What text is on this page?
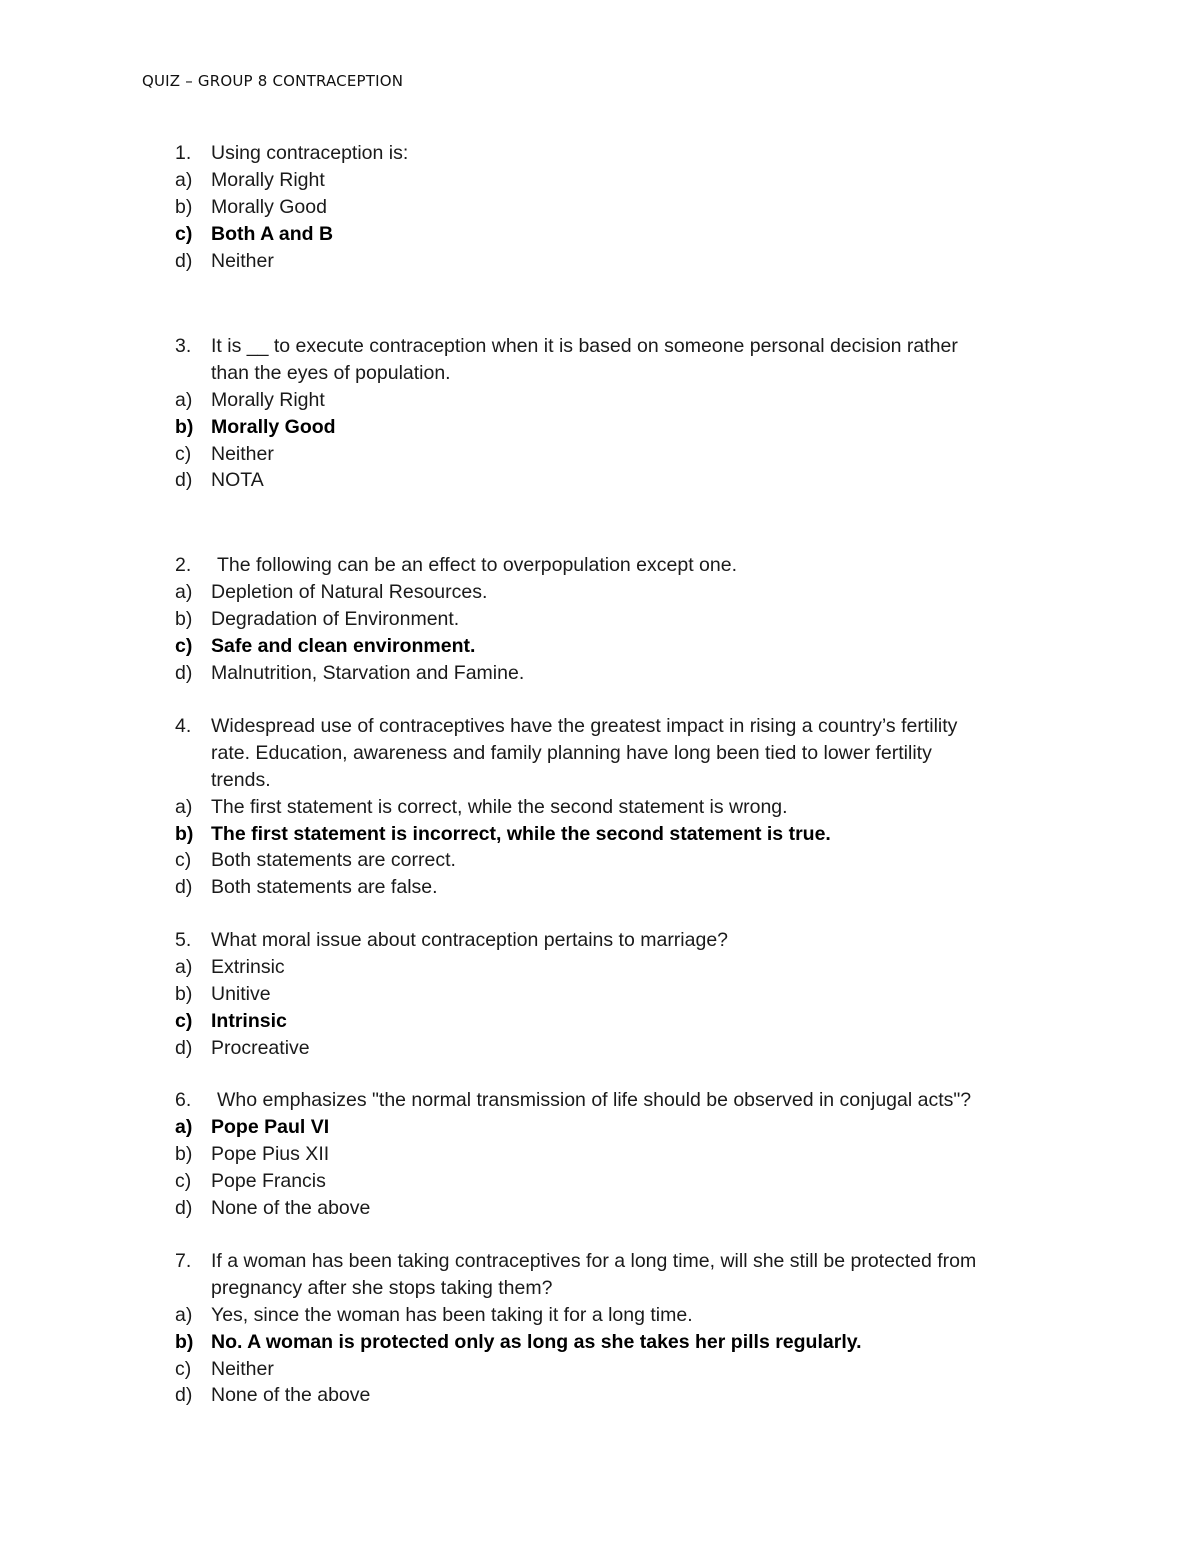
QUIZ – GROUP 8 CONTRACEPTION
1. Using contraception is:
a) Morally Right
b) Morally Good
c) Both A and B
d) Neither
3. It is __ to execute contraception when it is based on someone personal decision rather
than the eyes of population.
a) Morally Right
b) Morally Good
c) Neither
d) NOTA
2.	The following can be an effect to overpopulation except one.
a) Depletion of Natural Resources.
b) Degradation of Environment.
c) Safe and clean environment.
d) Malnutrition, Starvation and Famine.
4. Widespread use of contraceptives have the greatest impact in rising a country’s fertility
rate. Education, awareness and family planning have long been tied to lower fertility
trends.
a) The first statement is correct, while the second statement is wrong.
b) The first statement is incorrect, while the second statement is true.
c) Both statements are correct.
d) Both statements are false.
5. What moral issue about contraception pertains to marriage?
a) Extrinsic
b) Unitive
c) Intrinsic
d) Procreative
6.	Who emphasizes "the normal transmission of life should be observed in conjugal acts"?
a) Pope Paul VI
b) Pope Pius XII
c) Pope Francis
d) None of the above
7. If a woman has been taking contraceptives for a long time, will she still be protected from
pregnancy after she stops taking them?
a) Yes, since the woman has been taking it for a long time.
b) No. A woman is protected only as long as she takes her pills regularly.
c) Neither
d) None of the above
